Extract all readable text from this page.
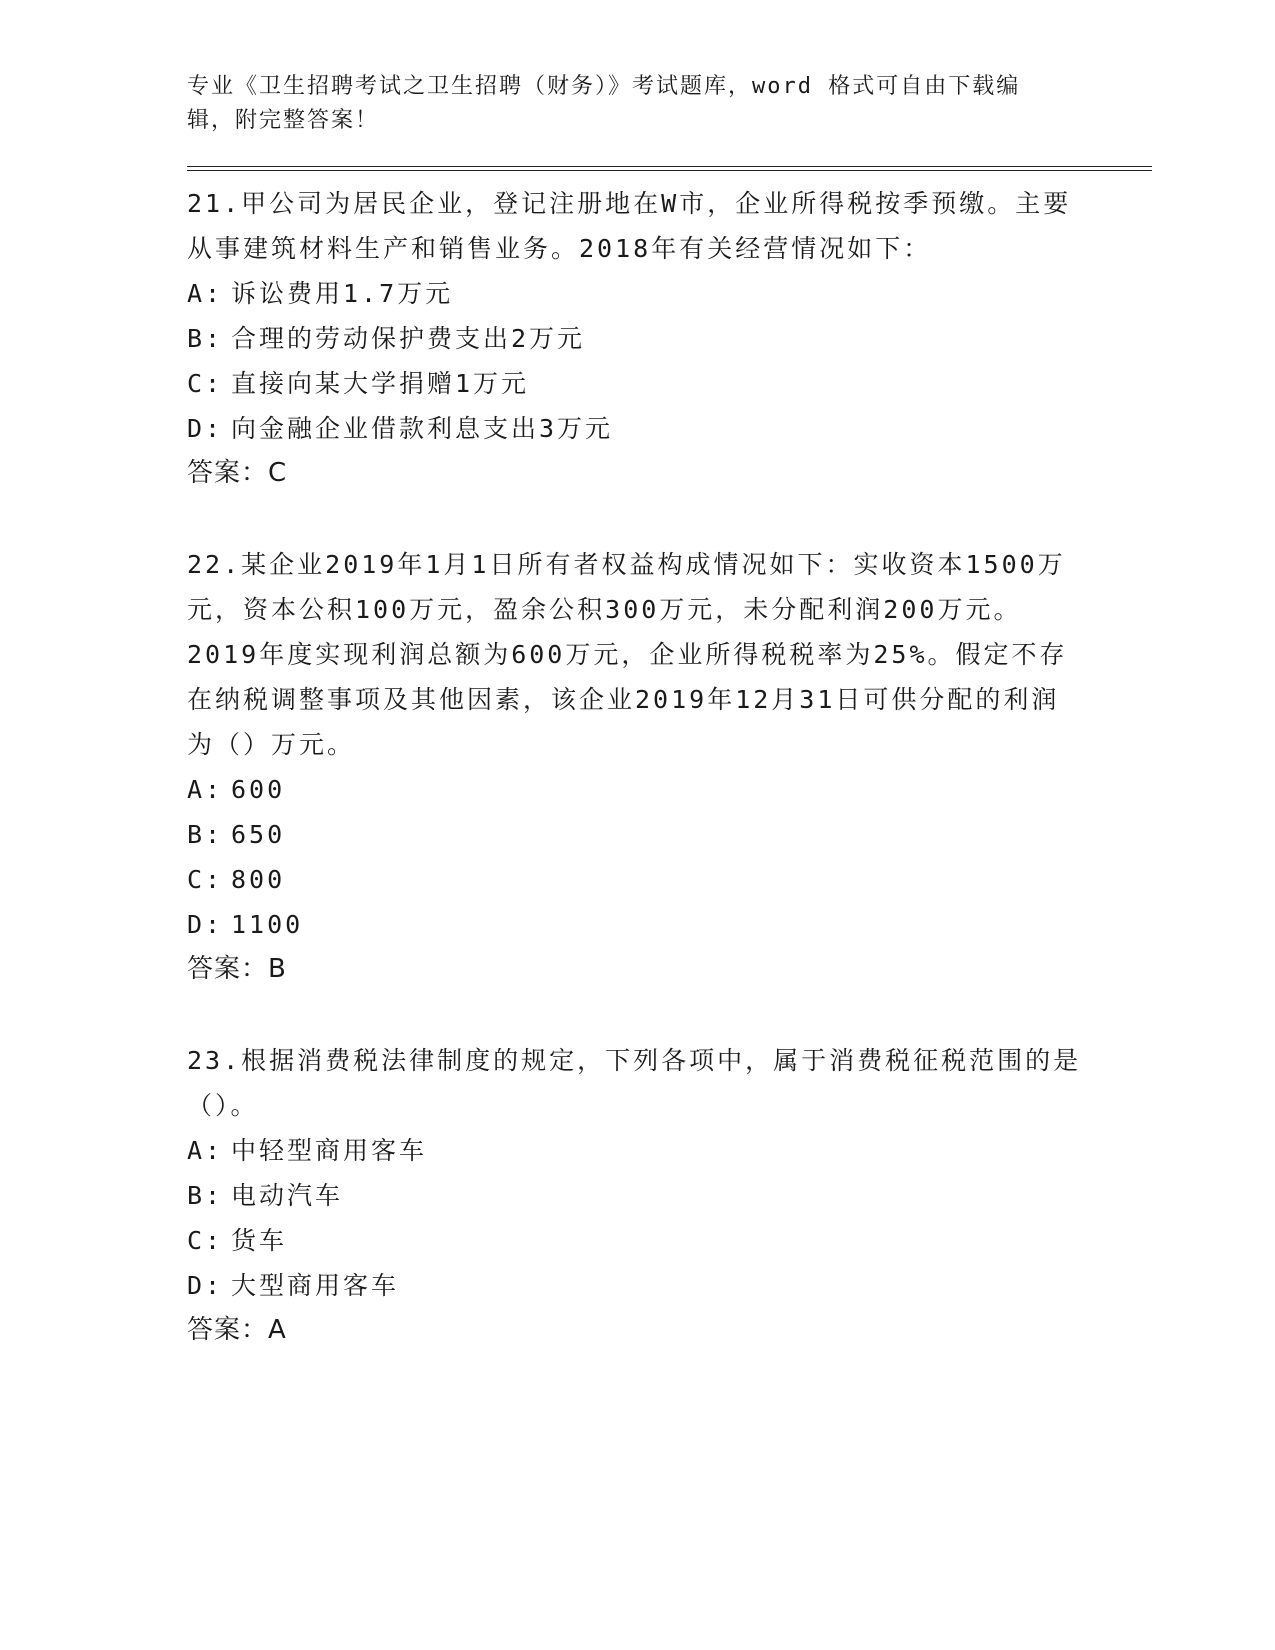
专业《卫生招聘考试之卫生招聘（财务）》考试题库，word 格式可自由下载编辑，附完整答案！
21.甲公司为居民企业，登记注册地在W市，企业所得税按季预缴。主要从事建筑材料生产和销售业务。2018年有关经营情况如下：
A: 诉讼费用1.7万元
B: 合理的劳动保护费支出2万元
C: 直接向某大学捐赠1万元
D: 向金融企业借款利息支出3万元
答案：C
22.某企业2019年1月1日所有者权益构成情况如下：实收资本1500万元，资本公积100万元，盈余公积300万元，未分配利润200万元。2019年度实现利润总额为600万元，企业所得税税率为25%。假定不存在纳税调整事项及其他因素，该企业2019年12月31日可供分配的利润为（）万元。
A: 600
B: 650
C: 800
D: 1100
答案：B
23.根据消费税法律制度的规定，下列各项中，属于消费税征税范围的是（）。
A: 中轻型商用客车
B: 电动汽车
C: 货车
D: 大型商用客车
答案：A
